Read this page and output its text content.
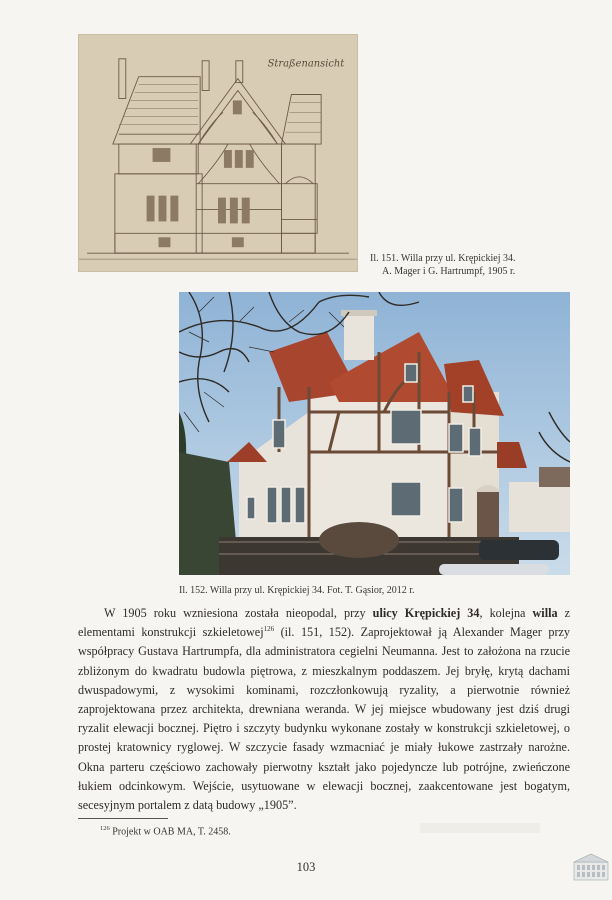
Straßenansicht
Il. 151. Willa przy ul. Krępickiej 34.
A. Mager i G. Hartrumpf, 1905 r.
Il. 152. Willa przy ul. Krępickiej 34. Fot. T. Gąsior, 2012 r.

W 1905 roku wzniesiona została nieopodal, przy ulicy Krępickiej 34, kolejna willa z elementami konstrukcji szkieletowej$^{126}$ (il. 151, 152). Zaprojektował ją Alexander Mager przy współpracy Gustava Hartrumpfa, dla administratora cegielni Neumanna. Jest to założona na rzucie zbliżonym do kwadratu budowla piętrowa, z mieszkalnym poddaszem. Jej bryłę, krytą dachami dwuspadowymi, z wysokimi kominami, rozczłonkowują ryzality, a pierwotnie również zaprojektowana przez architekta, drewniana weranda. W jej miejsce wbudowany jest dziś drugi ryzalit elewacji bocznej. Piętro i szczyty budynku wykonane zostały w konstrukcji szkieletowej, o prostej kratownicy ryglowej. W szczycie fasady wzmacniać je miały łukowe zastrzały narożne. Okna parteru częściowo zachowały pierwotny kształt jako pojedyncze lub potrójne, zwieńczone łukiem odcinkowym. Wejście, usytuowane w elewacji bocznej, zaakcentowane jest bogatym, secesyjnym portalem z datą budowy „1905”.

$^{126}$ Projekt w OAB MA, T. 2458.
103
